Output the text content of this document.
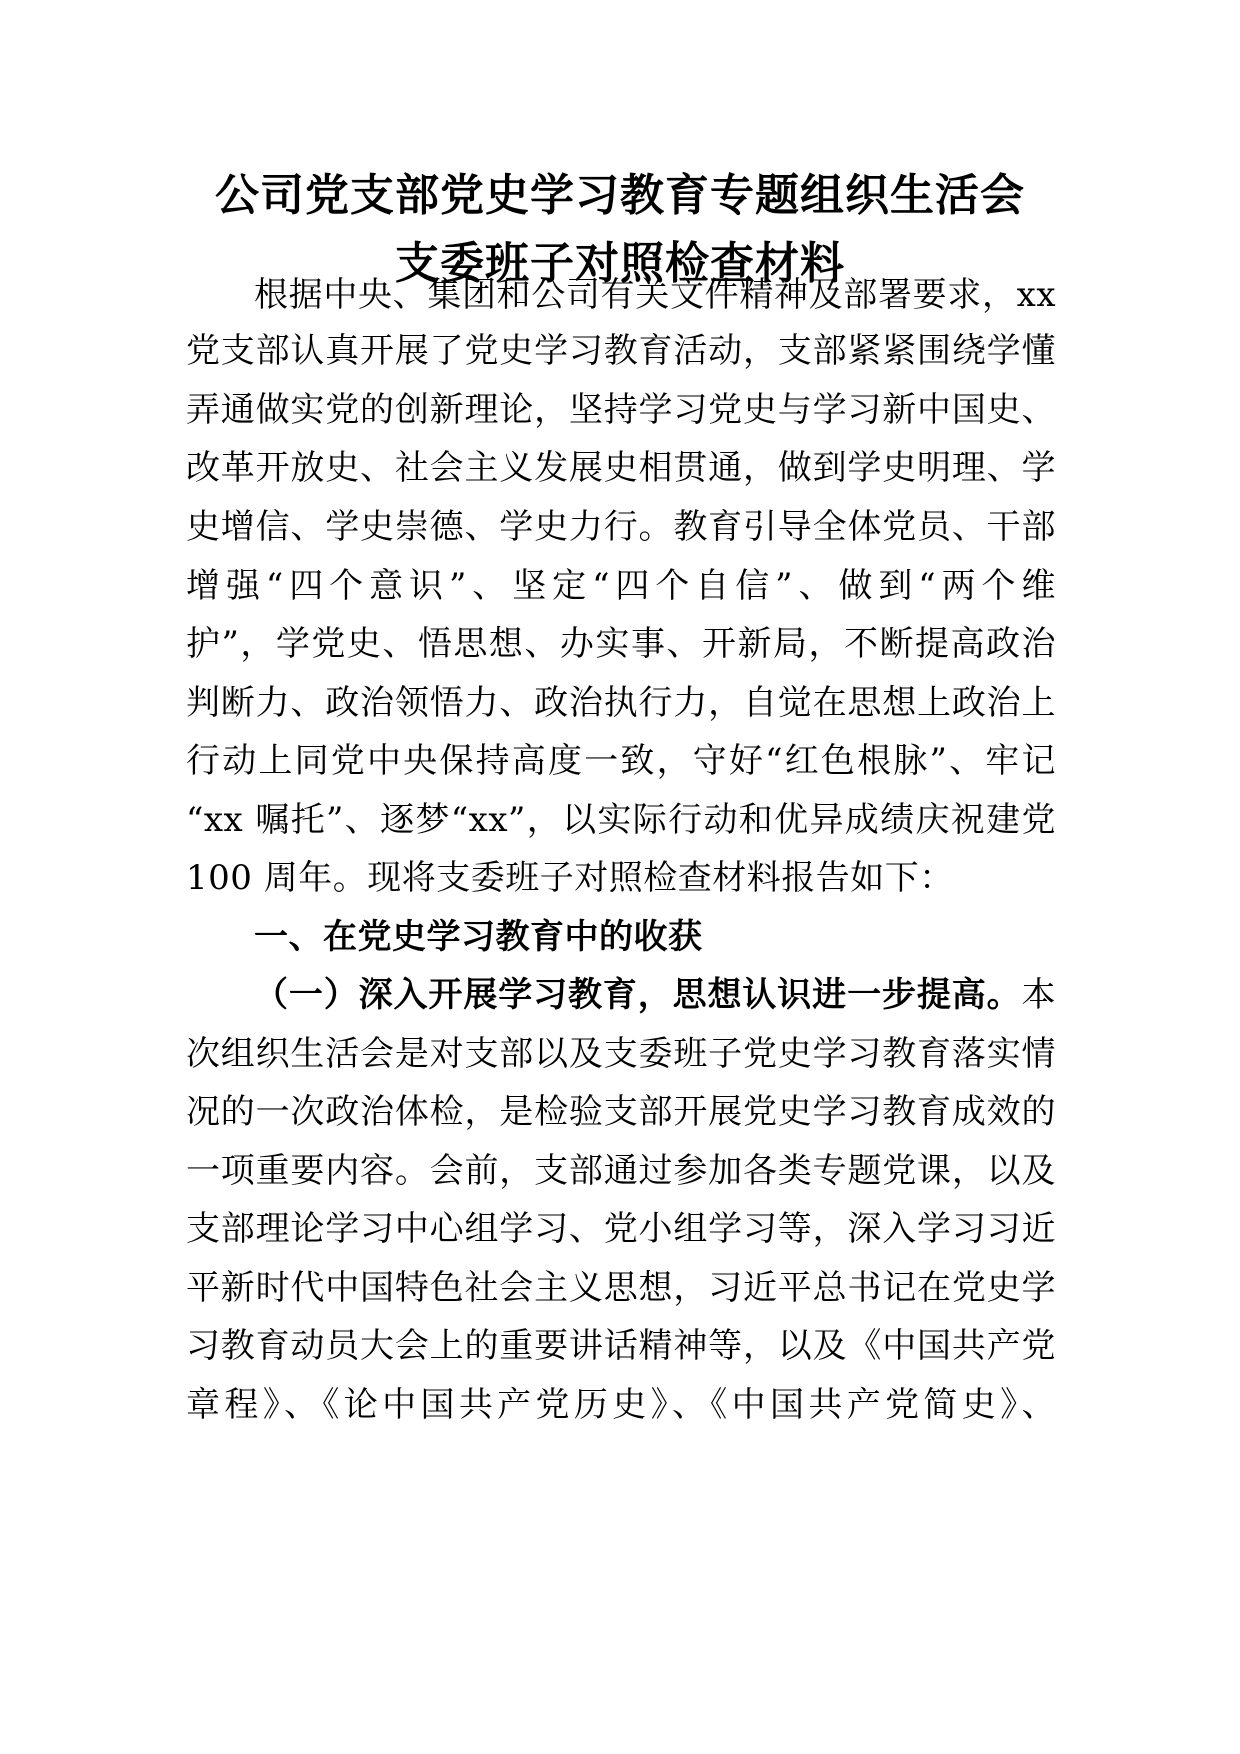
公司党支部党史学习教育专题组织生活会
支委班子对照检查材料
根据中央、集团和公司有关文件精神及部署要求，xx
党支部认真开展了党史学习教育活动，支部紧紧围绕学懂
弄通做实党的创新理论，坚持学习党史与学习新中国史、
改革开放史、社会主义发展史相贯通，做到学史明理、学
史增信、学史崇德、学史力行。教育引导全体党员、干部
增强“四个意识”、坚定“四个自信”、做到“两个维
护”，学党史、悟思想、办实事、开新局，不断提高政治
判断力、政治领悟力、政治执行力，自觉在思想上政治上
行动上同党中央保持高度一致，守好“红色根脉”、牢记
“xx 嘱托”、逐梦“xx”，以实际行动和优异成绩庆祝建党
100 周年。现将支委班子对照检查材料报告如下：
一、在党史学习教育中的收获
（一）深入开展学习教育，思想认识进一步提高。本
次组织生活会是对支部以及支委班子党史学习教育落实情
况的一次政治体检，是检验支部开展党史学习教育成效的
一项重要内容。会前，支部通过参加各类专题党课，以及
支部理论学习中心组学习、党小组学习等，深入学习习近
平新时代中国特色社会主义思想，习近平总书记在党史学
习教育动员大会上的重要讲话精神等，以及《中国共产党
章程》、《论中国共产党历史》、《中国共产党简史》、
